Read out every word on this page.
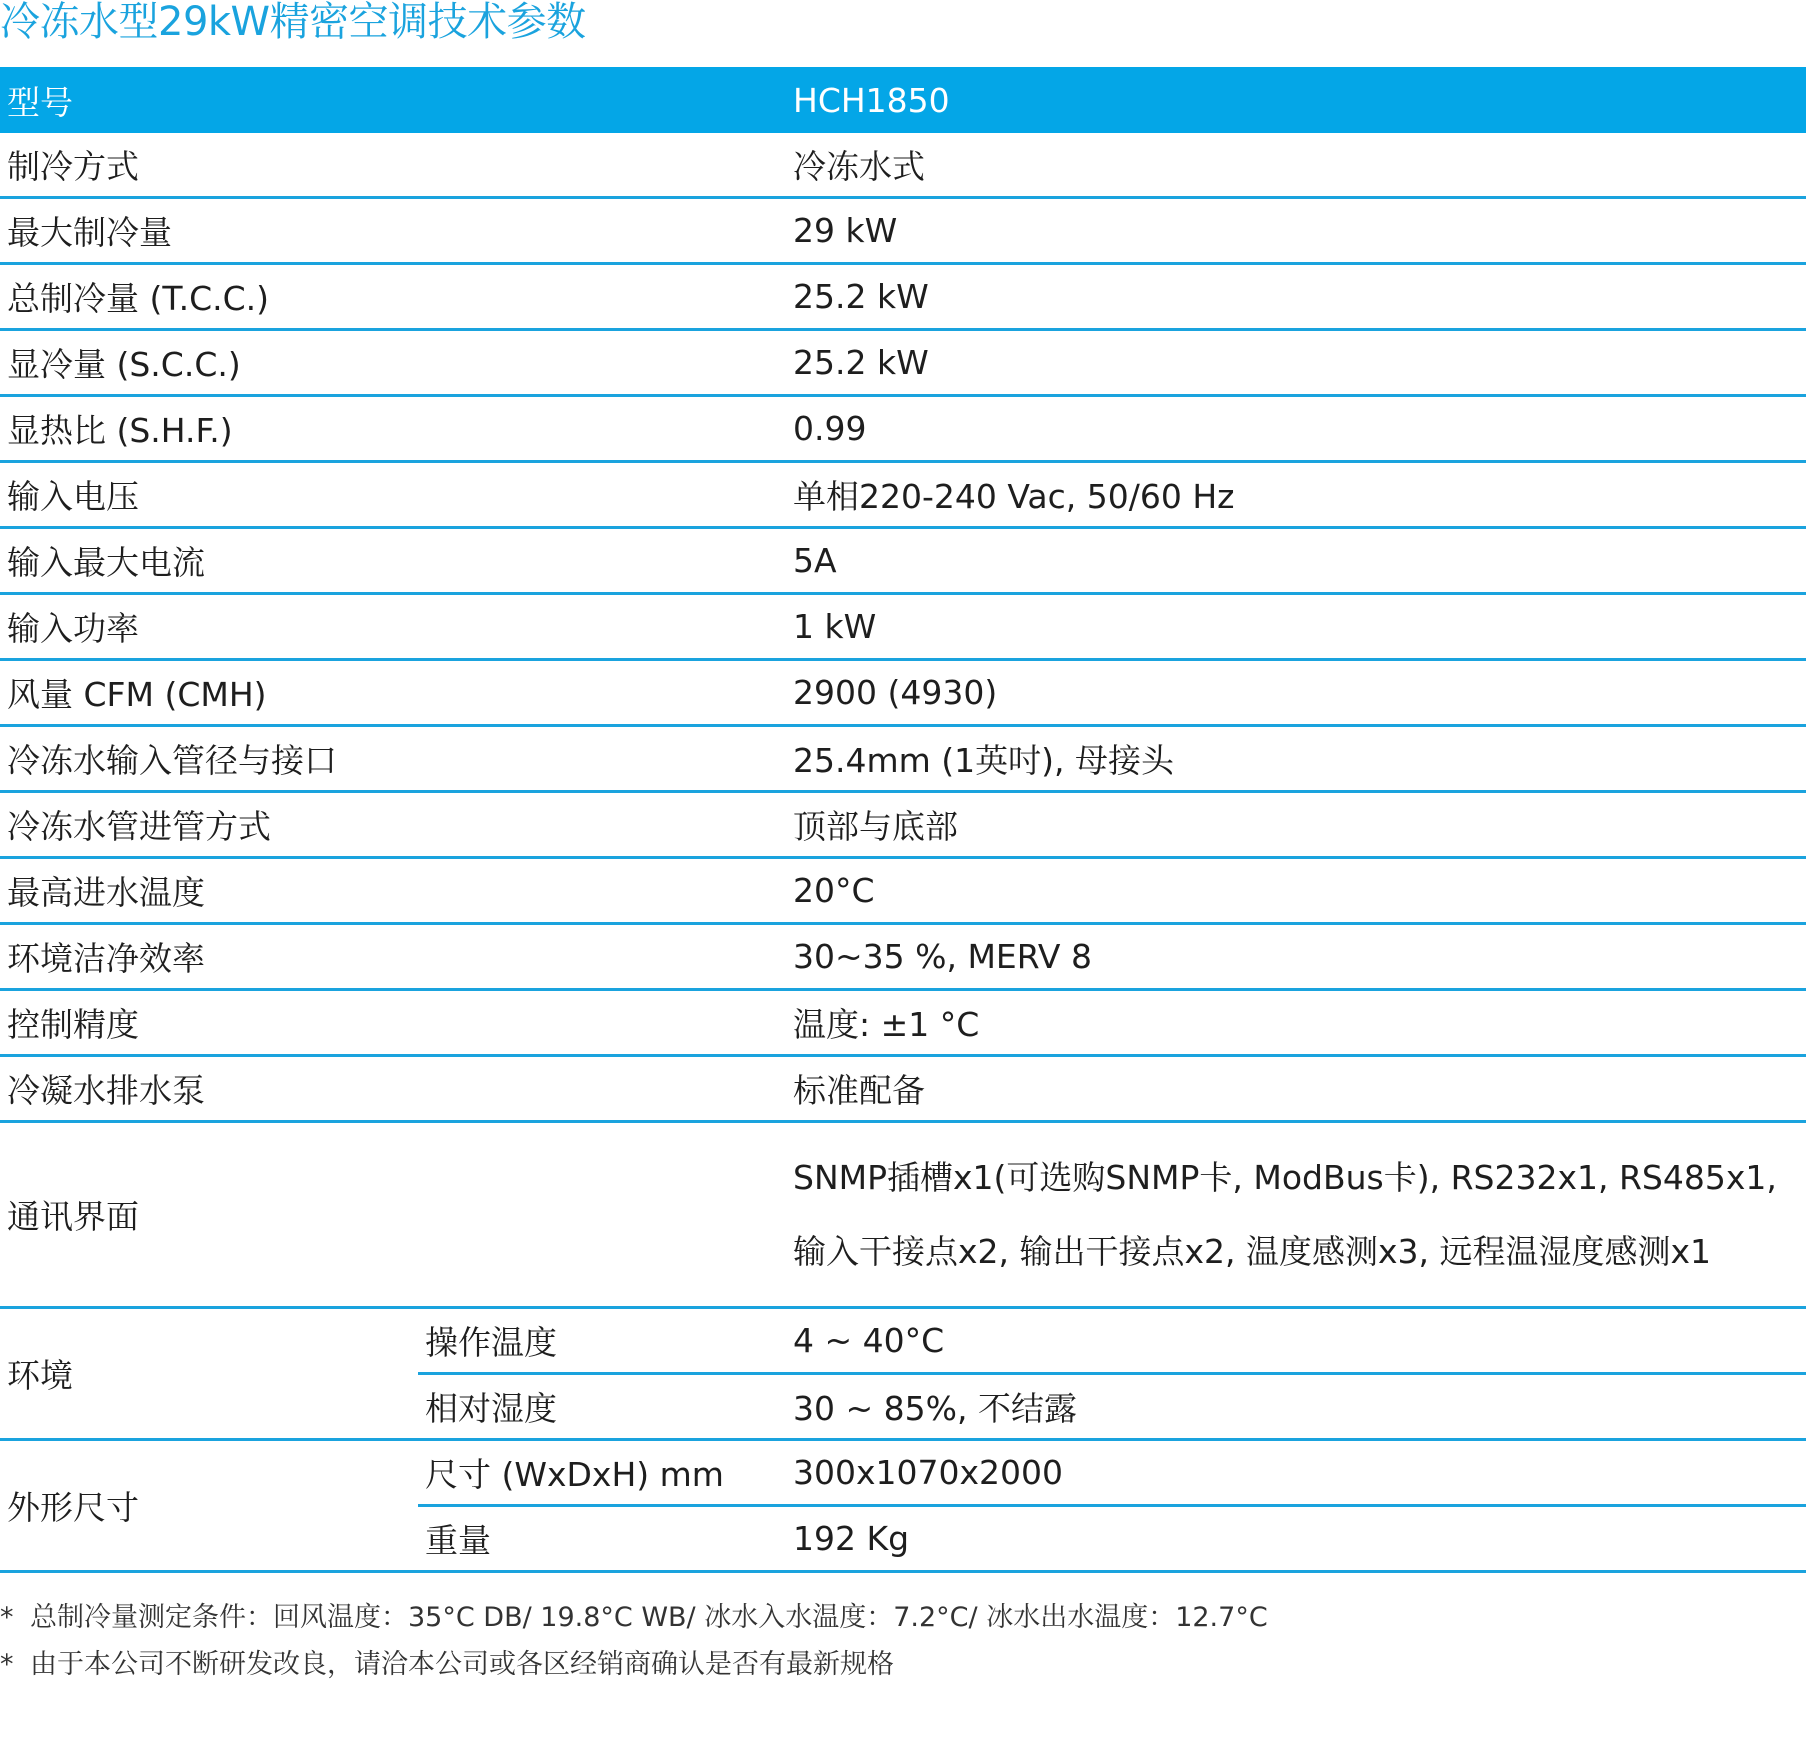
冷冻水型29kW精密空调技术参数
型号		HCH1850
制冷方式		冷冻水式
最大制冷量		29 kW
总制冷量 (T.C.C.)		25.2 kW
显冷量 (S.C.C.)		25.2 kW
显热比 (S.H.F.)		0.99
输入电压		单相220-240 Vac, 50/60 Hz
输入最大电流		5A
输入功率		1 kW
风量 CFM (CMH)		2900 (4930)
冷冻水输入管径与接口		25.4mm (1英吋), 母接头
冷冻水管进管方式		顶部与底部
最高进水温度		20°C
环境洁净效率		30~35 %, MERV 8
控制精度		温度: ±1 °C
冷凝水排水泵		标准配备
通讯界面		SNMP插槽x1(可选购SNMP卡, ModBus卡), RS232x1, RS485x1,
输入干接点x2, 输出干接点x2, 温度感测x3, 远程温湿度感测x1

环境	操作温度	4 ~ 40°C
	相对湿度	30 ~ 85%, 不结露
外形尺寸	尺寸 (WxDxH) mm	300x1070x2000
	重量	192 Kg
* 总制冷量测定条件：回风温度：35°C DB/ 19.8°C WB/ 冰水入水温度：7.2°C/ 冰水出水温度：12.7°C
* 由于本公司不断研发改良，请洽本公司或各区经销商确认是否有最新规格
